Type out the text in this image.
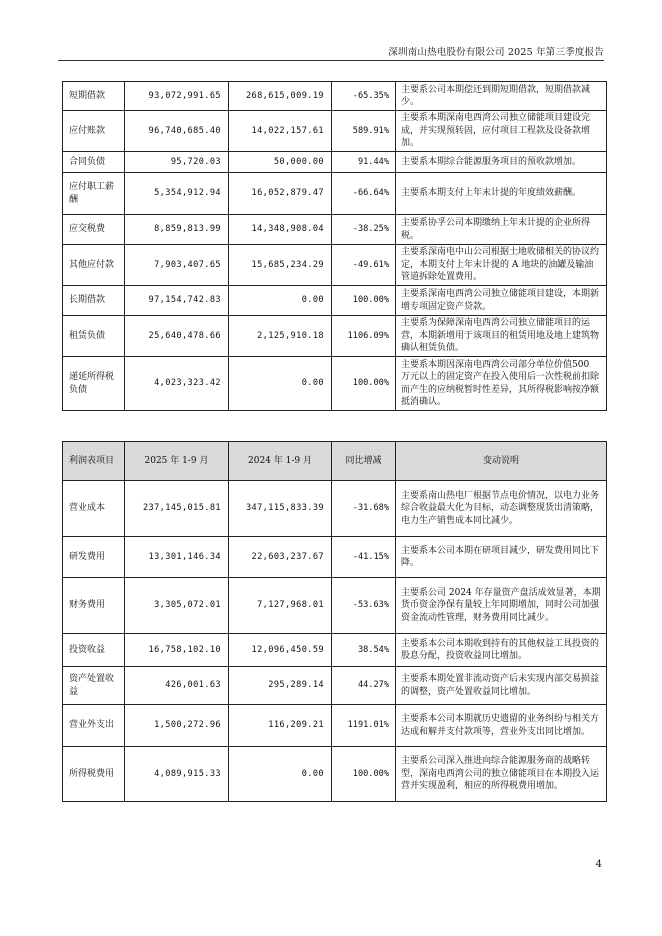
深圳南山热电股份有限公司 2025 年第三季度报告
短期借款	93,072,991.65	268,615,009.19	-65.35%	主要系公司本期偿还到期短期借款，短期借款减少。
应付账款	96,740,685.40	14,022,157.61	589.91%	主要系本期深南电西湾公司独立储能项目建设完成，并实现预转固，应付项目工程款及设备款增加。
合同负债	95,720.03	50,000.00	91.44%	主要系本期综合能源服务项目的预收款增加。
应付职工薪酬	5,354,912.94	16,052,879.47	-66.64%	主要系本期支付上年末计提的年度绩效薪酬。
应交税费	8,859,813.99	14,348,908.04	-38.25%	主要系协孚公司本期缴纳上年末计提的企业所得税。
其他应付款	7,903,407.65	15,685,234.29	-49.61%	主要系深南电中山公司根据土地收储相关的协议约定，本期支付上年末计提的 A 地块的油罐及输油管道拆除处置费用。
长期借款	97,154,742.83	0.00	100.00%	主要系深南电西湾公司独立储能项目建设，本期新增专项固定资产贷款。
租赁负债	25,640,478.66	2,125,910.18	1106.09%	主要系为保障深南电西湾公司独立储能项目的运营，本期新增用于该项目的租赁用地及地上建筑物确认租赁负债。
递延所得税负债	4,023,323.42	0.00	100.00%	主要系本期因深南电西湾公司部分单位价值500 万元以上的固定资产在投入使用后一次性税前扣除而产生的应纳税暂时性差异，其所得税影响按净额抵消确认。
利润表项目	2025 年 1-9 月	2024 年 1-9 月	同比增减	变动说明
营业成本	237,145,015.81	347,115,833.39	-31.68%	主要系南山热电厂根据节点电价情况，以电力业务综合收益最大化为目标，动态调整现货出清策略，电力生产销售成本同比减少。
研发费用	13,301,146.34	22,603,237.67	-41.15%	主要系本公司本期在研项目减少，研发费用同比下降。
财务费用	3,305,072.01	7,127,968.01	-53.63%	主要系公司 2024 年存量资产盘活成效显著，本期货币资金净保有量较上年同期增加，同时公司加强资金流动性管理，财务费用同比减少。
投资收益	16,758,102.10	12,096,450.59	38.54%	主要系本公司本期收到持有的其他权益工具投资的股息分配，投资收益同比增加。
资产处置收益	426,001.63	295,289.14	44.27%	主要系本期处置非流动资产后未实现内部交易损益的调整，资产处置收益同比增加。
营业外支出	1,500,272.96	116,209.21	1191.01%	主要系本公司本期就历史遗留的业务纠纷与相关方达成和解并支付款项等，营业外支出同比增加。
所得税费用	4,089,915.33	0.00	100.00%	主要系公司深入推进向综合能源服务商的战略转型，深南电西湾公司的独立储能项目在本期投入运营并实现盈利，相应的所得税费用增加。
4
